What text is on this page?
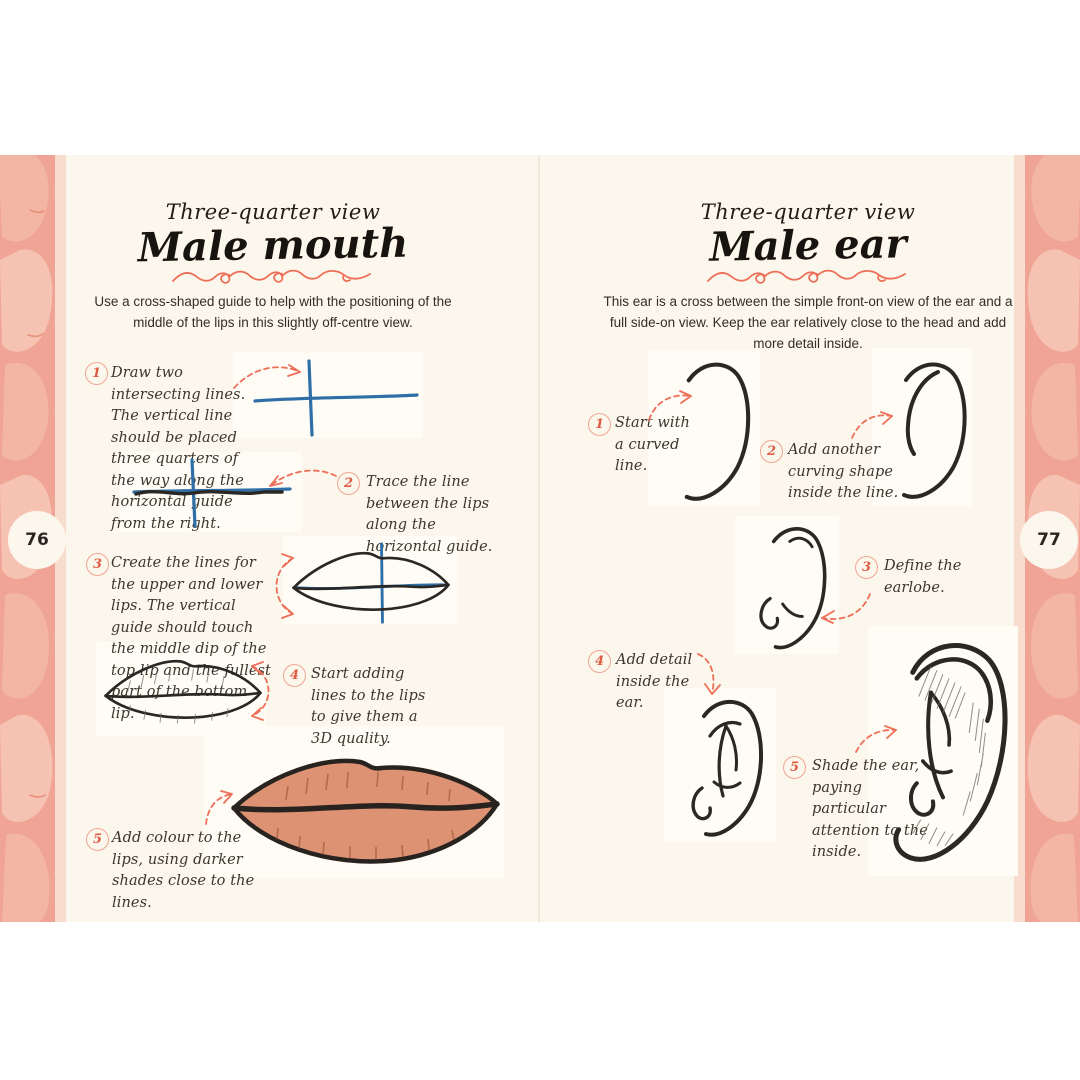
Three-quarter view
Male mouth
Use a cross-shaped guide to help with the positioning of the middle of the lips in this slightly off-centre view.
1 Draw two intersecting lines. The vertical line should be placed three quarters of the way along the horizontal guide from the right.
2 Trace the line between the lips along the horizontal guide.
3 Create the lines for the upper and lower lips. The vertical guide should touch the middle dip of the top lip and the fullest part of the bottom lip.
4 Start adding lines to the lips to give them a 3D quality.
5 Add colour to the lips, using darker shades close to the lines.
76
Three-quarter view
Male ear
This ear is a cross between the simple front-on view of the ear and a full side-on view. Keep the ear relatively close to the head and add more detail inside.
1 Start with a curved line.
2 Add another curving shape inside the line.
3 Define the earlobe.
4 Add detail inside the ear.
5 Shade the ear, paying particular attention to the inside.
77
